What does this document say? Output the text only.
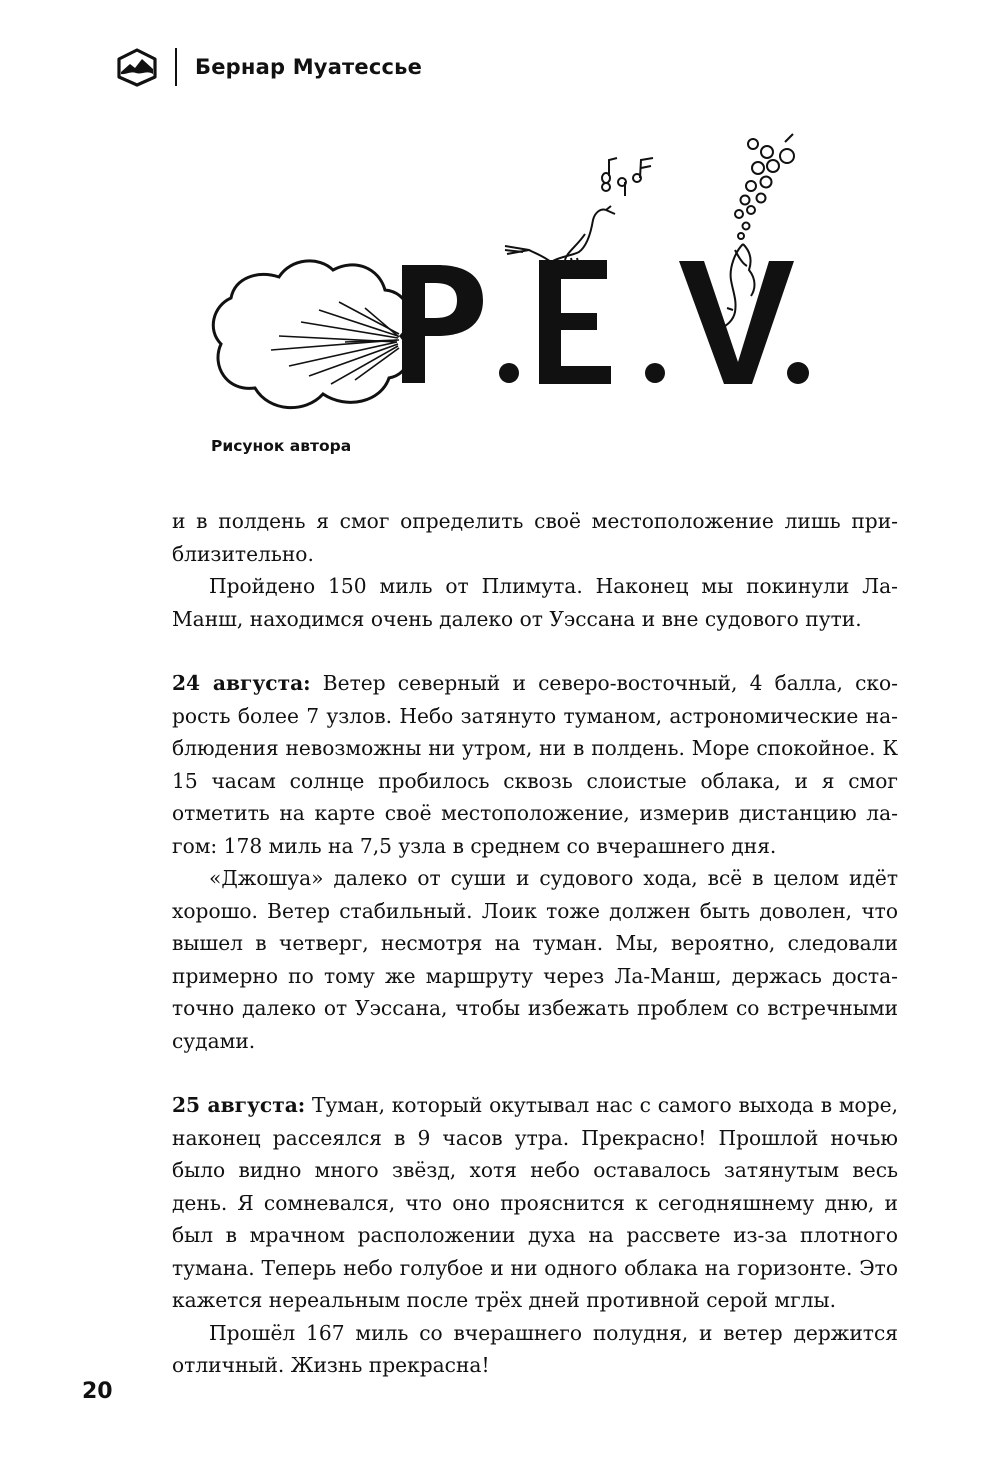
Бернар Муатессье
Рисунок автора

и в полдень я смог определить своё местоположение лишь приблизительно.

Пройдено 150 миль от Плимута. Наконец мы покинули Ла-Манш, находимся очень далеко от Уэссана и вне судового пути.

24 августа: Ветер северный и северо-восточный, 4 балла, скорость более 7 узлов. Небо затянуто туманом, астрономические наблюдения невозможны ни утром, ни в полдень. Море спокойное. К 15 часам солнце пробилось сквозь слоистые облака, и я смог отметить на карте своё местоположение, измерив дистанцию лагом: 178 миль на 7,5 узла в среднем со вчерашнего дня.

«Джошуа» далеко от суши и судового хода, всё в целом идёт хорошо. Ветер стабильный. Лоик тоже должен быть доволен, что вышел в четверг, несмотря на туман. Мы, вероятно, следовали примерно по тому же маршруту через Ла-Манш, держась достаточно далеко от Уэссана, чтобы избежать проблем со встречными судами.

25 августа: Туман, который окутывал нас с самого выхода в море, наконец рассеялся в 9 часов утра. Прекрасно! Прошлой ночью было видно много звёзд, хотя небо оставалось затянутым весь день. Я сомневался, что оно прояснится к сегодняшнему дню, и был в мрачном расположении духа на рассвете из-за плотного тумана. Теперь небо голубое и ни одного облака на горизонте. Это кажется нереальным после трёх дней противной серой мглы.

Прошёл 167 миль со вчерашнего полудня, и ветер держится отличный. Жизнь прекрасна!

20
